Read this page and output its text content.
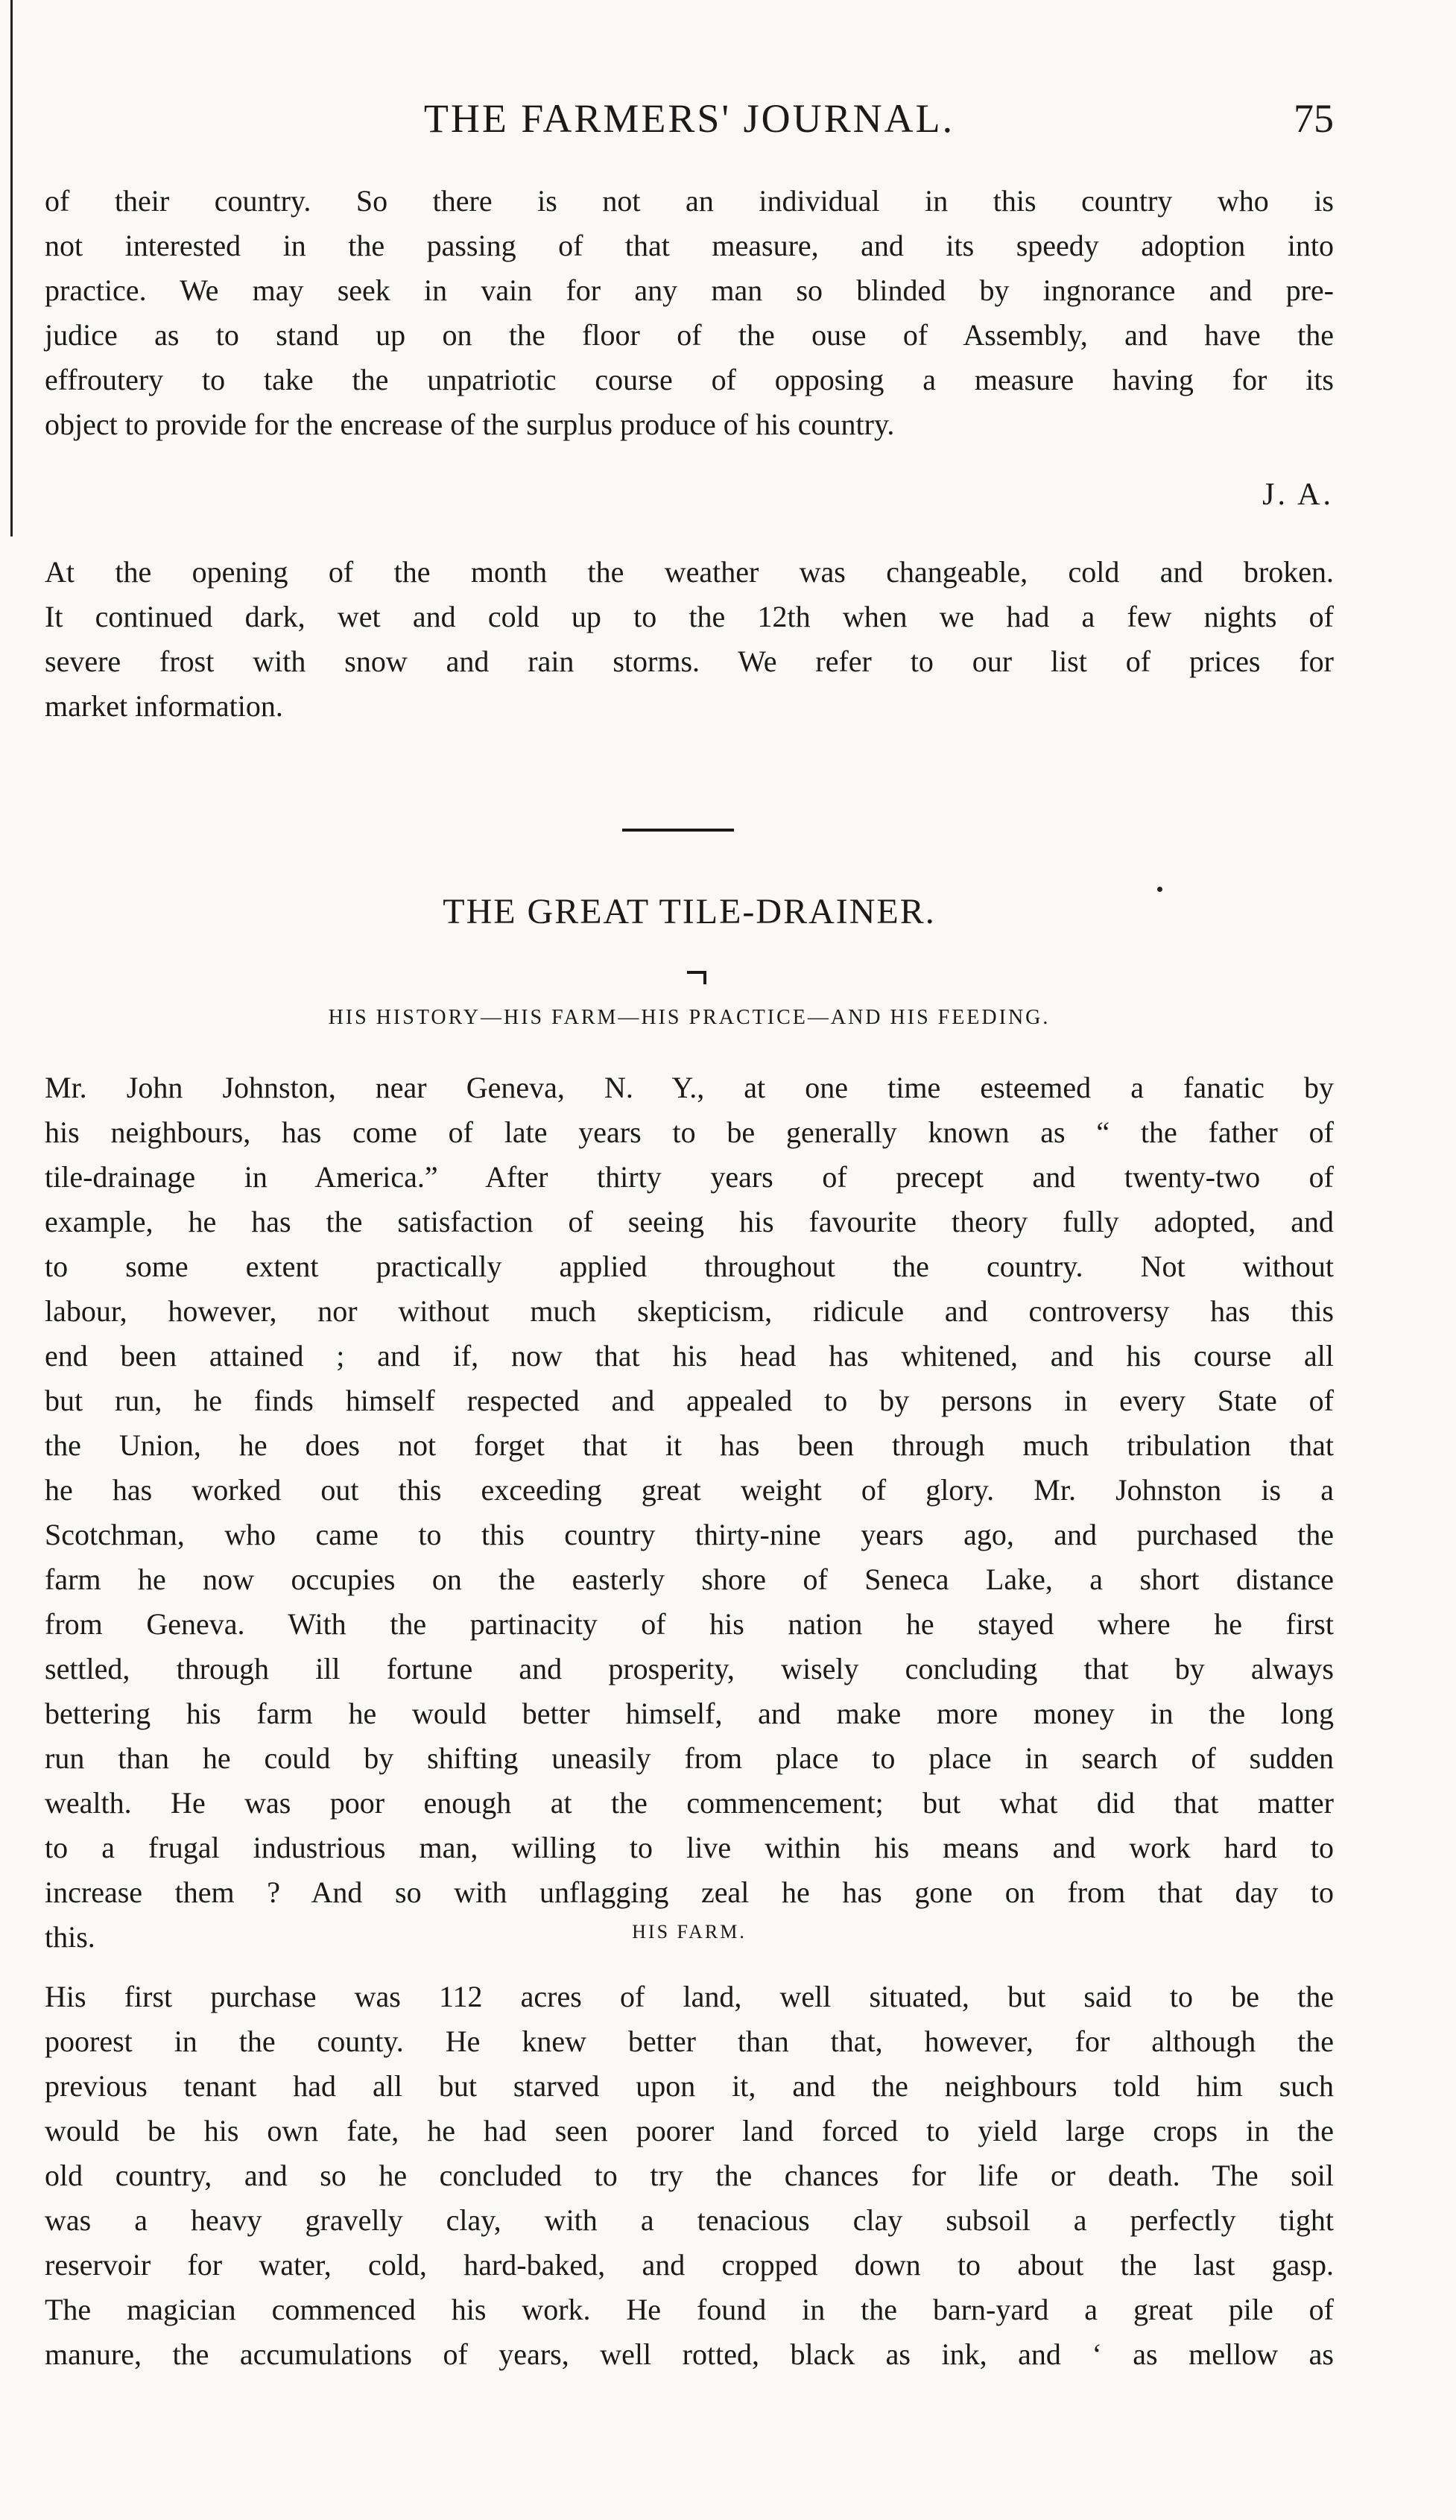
THE FARMERS' JOURNAL.	75
of their country. So there is not an individual in this country who is
not interested in the passing of that measure, and its speedy adoption into
practice. We may seek in vain for any man so blinded by ingnorance and pre-
judice as to stand up on the floor of the ouse of Assembly, and have the
effroutery to take the unpatriotic course of opposing a measure having for its
object to provide for the encrease of the surplus produce of his country.
J. A.
At the opening of the month the weather was changeable, cold and broken.
It continued dark, wet and cold up to the 12th when we had a few nights of
severe frost with snow and rain storms. We refer to our list of prices for
market information.
THE GREAT TILE-DRAINER.
HIS HISTORY—HIS FARM—HIS PRACTICE—AND HIS FEEDING.
Mr. John Johnston, near Geneva, N. Y., at one time esteemed a fanatic by
his neighbours, has come of late years to be generally known as “ the father of
tile-drainage in America.” After thirty years of precept and twenty-two of
example, he has the satisfaction of seeing his favourite theory fully adopted, and
to some extent practically applied throughout the country. Not without
labour, however, nor without much skepticism, ridicule and controversy has this
end been attained ; and if, now that his head has whitened, and his course all
but run, he finds himself respected and appealed to by persons in every State of
the Union, he does not forget that it has been through much tribulation that
he has worked out this exceeding great weight of glory. Mr. Johnston is a
Scotchman, who came to this country thirty-nine years ago, and purchased the
farm he now occupies on the easterly shore of Seneca Lake, a short distance
from Geneva. With the partinacity of his nation he stayed where he first
settled, through ill fortune and prosperity, wisely concluding that by always
bettering his farm he would better himself, and make more money in the long
run than he could by shifting uneasily from place to place in search of sudden
wealth. He was poor enough at the commencement; but what did that matter
to a frugal industrious man, willing to live within his means and work hard to
increase them ? And so with unflagging zeal he has gone on from that day to
this.	HIS FARM.
His first purchase was 112 acres of land, well situated, but said to be the
poorest in the county. He knew better than that, however, for although the
previous tenant had all but starved upon it, and the neighbours told him such
would be his own fate, he had seen poorer land forced to yield large crops in the
old country, and so he concluded to try the chances for life or death. The soil
was a heavy gravelly clay, with a tenacious clay subsoil a perfectly tight
reservoir for water, cold, hard-baked, and cropped down to about the last gasp.
The magician commenced his work. He found in the barn-yard a great pile of
manure, the accumulations of years, well rotted, black as ink, and ‘ as mellow as
